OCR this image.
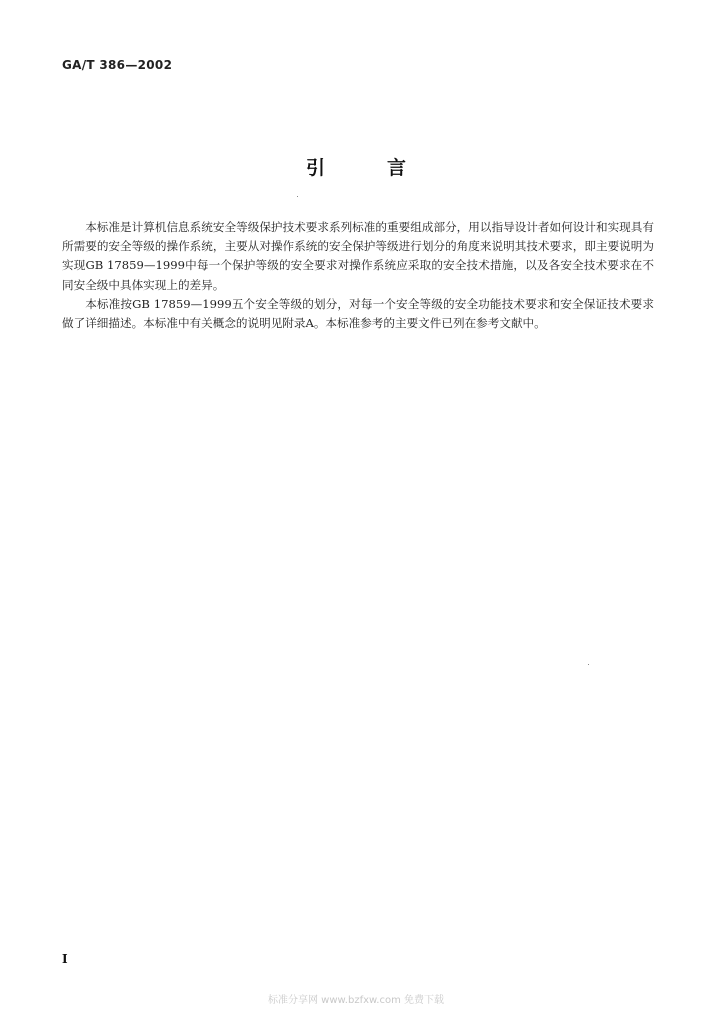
GA/T 386—2002
引言

本标准是计算机信息系统安全等级保护技术要求系列标准的重要组成部分，用以指导设计者如何设计和实现具有所需要的安全等级的操作系统，主要从对操作系统的安全保护等级进行划分的角度来说明其技术要求，即主要说明为实现GB 17859—1999中每一个保护等级的安全要求对操作系统应采取的安全技术措施，以及各安全技术要求在不同安全级中具体实现上的差异。

本标准按GB 17859—1999五个安全等级的划分，对每一个安全等级的安全功能技术要求和安全保证技术要求做了详细描述。本标准中有关概念的说明见附录A。本标准参考的主要文件已列在参考文献中。

I
标准分享网 www.bzfxw.com 免费下载
